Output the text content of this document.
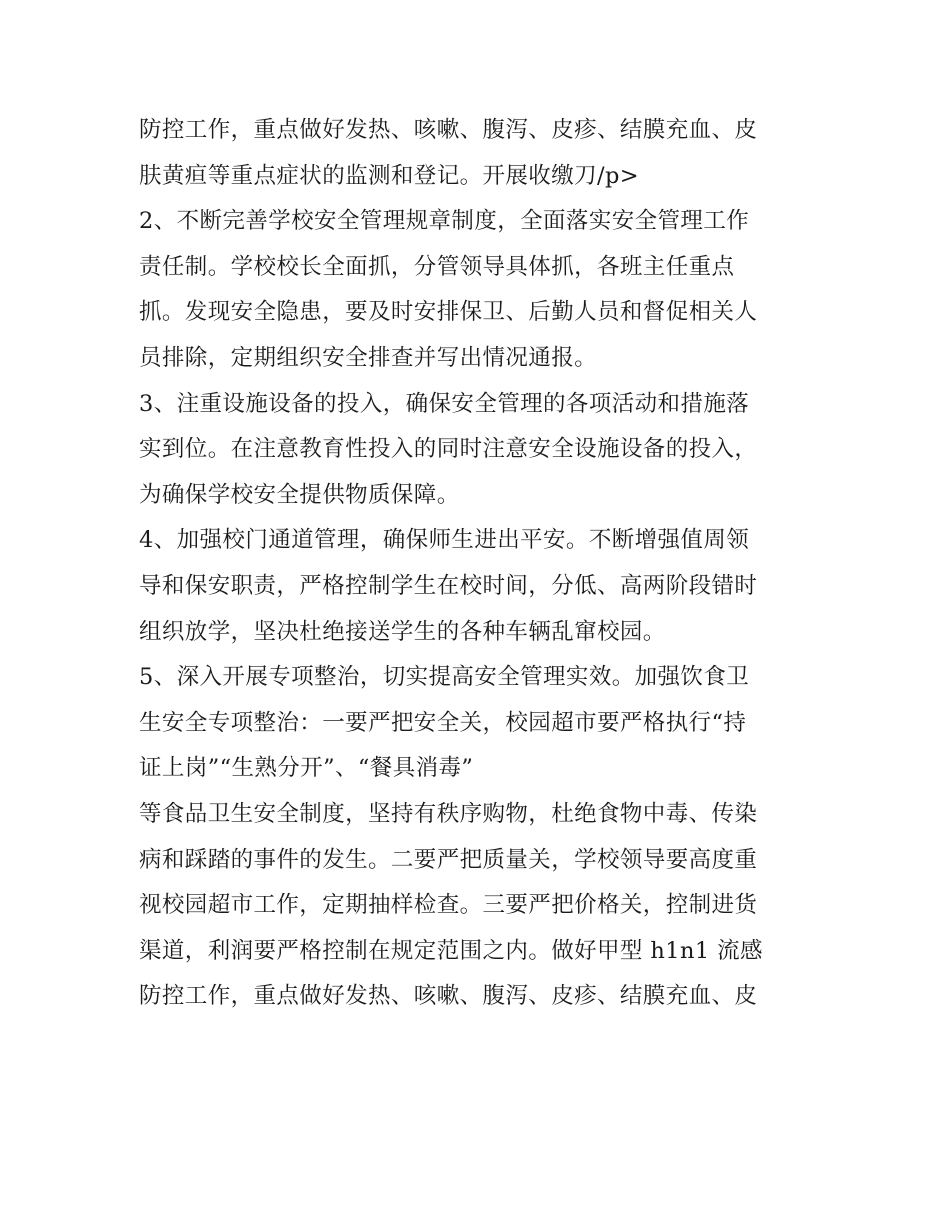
防控工作，重点做好发热、咳嗽、腹泻、皮疹、结膜充血、皮
肤黄疸等重点症状的监测和登记。开展收缴刀/p>
2、不断完善学校安全管理规章制度，全面落实安全管理工作
责任制。学校校长全面抓，分管领导具体抓，各班主任重点
抓。发现安全隐患，要及时安排保卫、后勤人员和督促相关人
员排除，定期组织安全排查并写出情况通报。
3、注重设施设备的投入，确保安全管理的各项活动和措施落
实到位。在注意教育性投入的同时注意安全设施设备的投入，
为确保学校安全提供物质保障。
4、加强校门通道管理，确保师生进出平安。不断增强值周领
导和保安职责，严格控制学生在校时间，分低、高两阶段错时
组织放学，坚决杜绝接送学生的各种车辆乱窜校园。
5、深入开展专项整治，切实提高安全管理实效。加强饮食卫
生安全专项整治：一要严把安全关，校园超市要严格执行“持
证上岗”“生熟分开”、“餐具消毒”
等食品卫生安全制度，坚持有秩序购物，杜绝食物中毒、传染
病和踩踏的事件的发生。二要严把质量关，学校领导要高度重
视校园超市工作，定期抽样检查。三要严把价格关，控制进货
渠道，利润要严格控制在规定范围之内。做好甲型 h1n1 流感
防控工作，重点做好发热、咳嗽、腹泻、皮疹、结膜充血、皮
